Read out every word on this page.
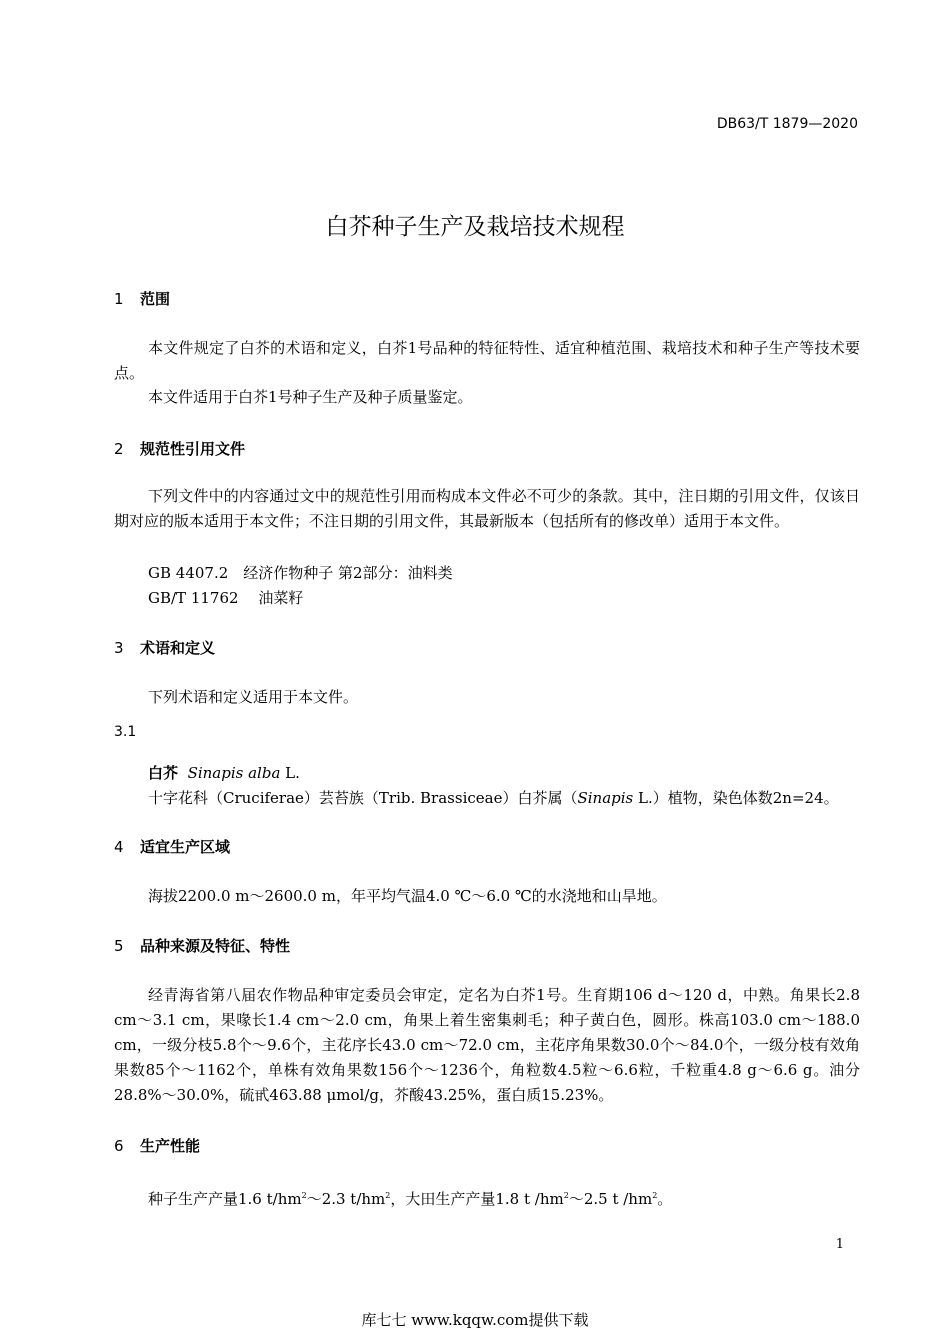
DB63/T 1879—2020
白芥种子生产及栽培技术规程
1 范围
本文件规定了白芥的术语和定义，白芥1号品种的特征特性、适宜种植范围、栽培技术和种子生产等技术要点。
本文件适用于白芥1号种子生产及种子质量鉴定。
2 规范性引用文件
下列文件中的内容通过文中的规范性引用而构成本文件必不可少的条款。其中，注日期的引用文件，仅该日期对应的版本适用于本文件；不注日期的引用文件，其最新版本（包括所有的修改单）适用于本文件。
GB 4407.2　经济作物种子 第2部分：油料类
GB/T 11762　 油菜籽
3 术语和定义
下列术语和定义适用于本文件。
3.1
白芥 Sinapis alba L.
十字花科（Cruciferae）芸苔族（Trib. Brassiceae）白芥属（Sinapis L.）植物，染色体数2n=24。
4 适宜生产区域
海拔2200.0 m～2600.0 m，年平均气温4.0 ℃～6.0 ℃的水浇地和山旱地。
5 品种来源及特征、特性
经青海省第八届农作物品种审定委员会审定，定名为白芥1号。生育期106 d～120 d，中熟。角果长2.8 cm～3.1 cm，果喙长1.4 cm～2.0 cm，角果上着生密集刺毛；种子黄白色，圆形。株高103.0 cm～188.0 cm，一级分枝5.8个～9.6个，主花序长43.0 cm～72.0 cm，主花序角果数30.0个～84.0个，一级分枝有效角果数85个～1162个，单株有效角果数156个～1236个，角粒数4.5粒～6.6粒，千粒重4.8 g～6.6 g。油分28.8%～30.0%，硫甙463.88 μmol/g，芥酸43.25%，蛋白质15.23%。
6 生产性能
种子生产产量1.6 $t/hm^2\sim 2.3$ $t/hm^2$，大田生产产量1.8 t $/hm^2\sim 2.5$ t $/hm^2$。
1
库七七 www.kqqw.com提供下载
